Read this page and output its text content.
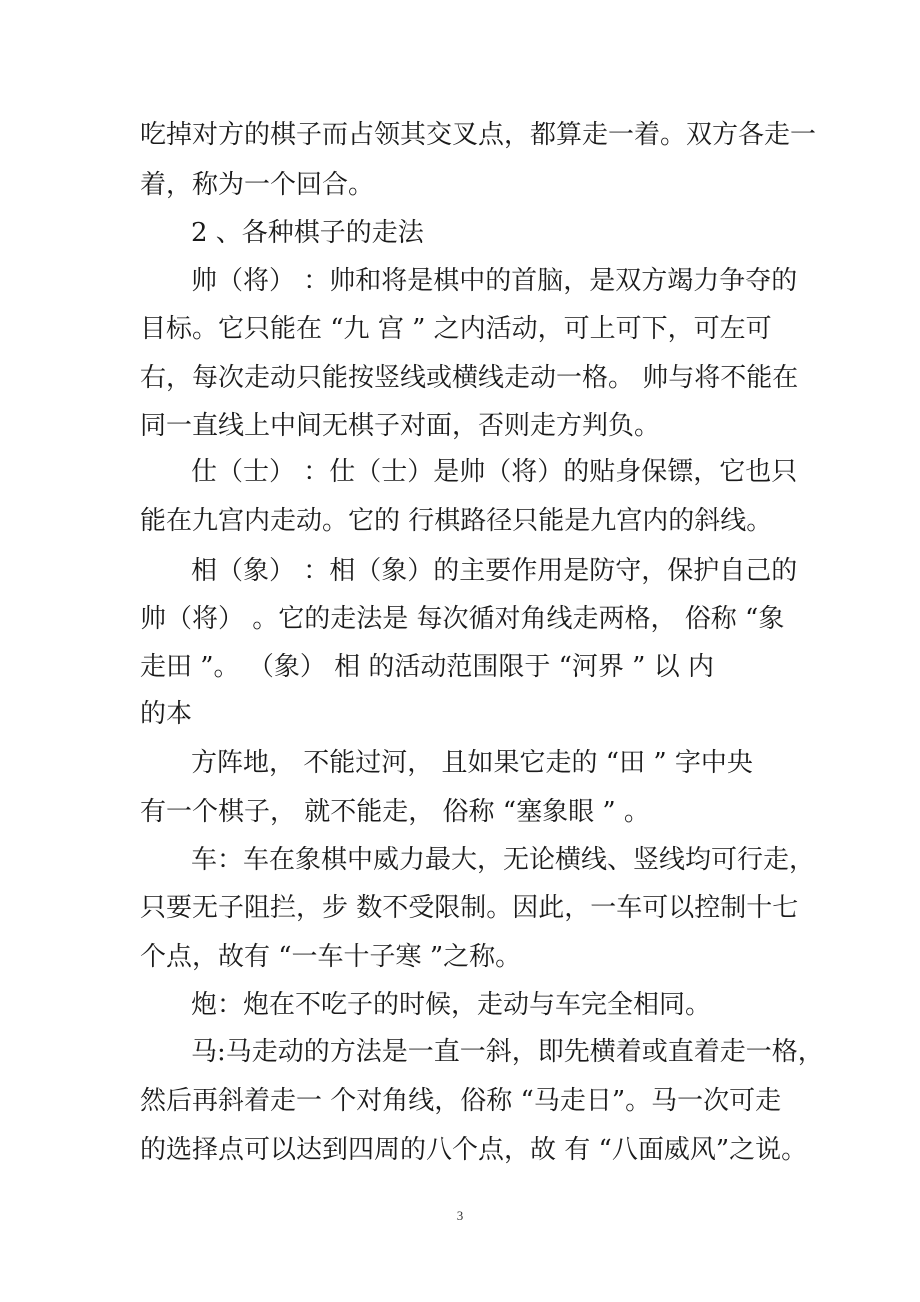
吃掉对方的棋子而占领其交叉点，都算走一着。双方各走一
着，称为一个回合。
2 、各种棋子的走法
帅（将） ：帅和将是棋中的首脑，是双方竭力争夺的
目标。它只能在 “九 宫 ” 之内活动，可上可下，可左可
右，每次走动只能按竖线或横线走动一格。 帅与将不能在
同一直线上中间无棋子对面，否则走方判负。
仕（士） ：仕（士）是帅（将）的贴身保镖，它也只
能在九宫内走动。它的 行棋路径只能是九宫内的斜线。
相（象） ：相（象）的主要作用是防守，保护自己的
帅（将） 。它的走法是 每次循对角线走两格， 俗称 “象
走田 ”。 （象） 相 的活动范围限于 “河界 ” 以 内
的本
方阵地， 不能过河， 且如果它走的 “田 ” 字中央
有一个棋子， 就不能走， 俗称 “塞象眼 ” 。
车：车在象棋中威力最大，无论横线、竖线均可行走，
只要无子阻拦，步 数不受限制。因此，一车可以控制十七
个点，故有 “一车十子寒 ”之称。
炮：炮在不吃子的时候，走动与车完全相同。
马:马走动的方法是一直一斜，即先横着或直着走一格，
然后再斜着走一 个对角线，俗称 “马走日”。马一次可走
的选择点可以达到四周的八个点，故 有 “八面威风”之说。
3
